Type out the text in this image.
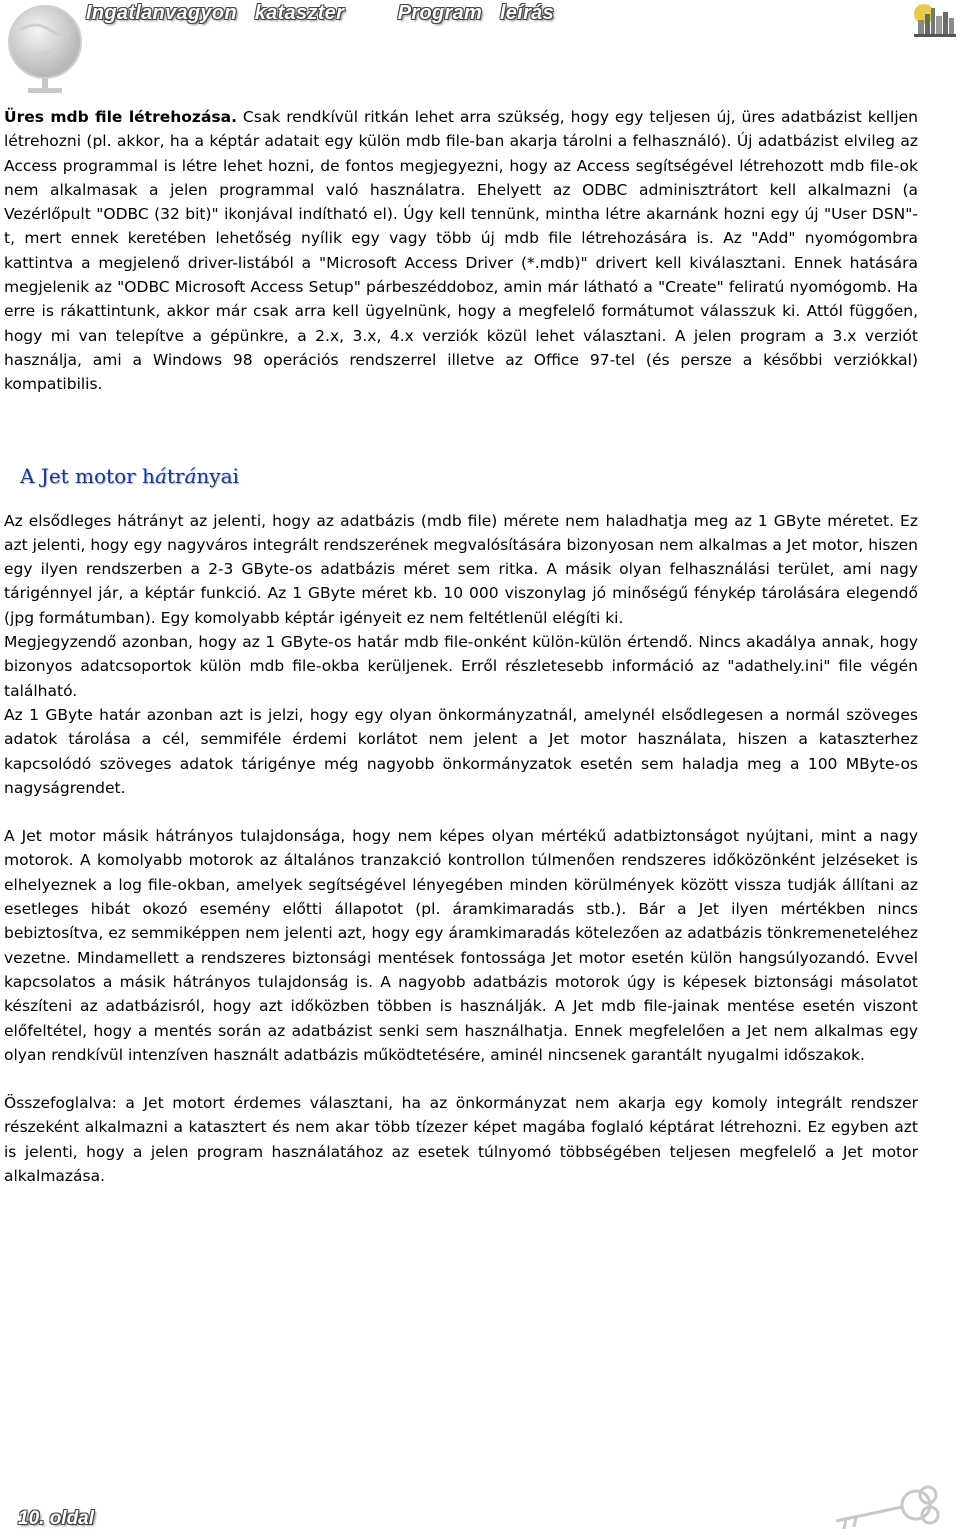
Ingatlanvagyon kataszter	Program leírás

Üres mdb file létrehozása. Csak rendkívül ritkán lehet arra szükség, hogy egy teljesen új, üres adatbázist kelljen létrehozni (pl. akkor, ha a képtár adatait egy külön mdb file-ban akarja tárolni a felhasználó). Új adatbázist elvileg az Access programmal is létre lehet hozni, de fontos megjegyezni, hogy az Access segítségével létrehozott mdb file-ok nem alkalmasak a jelen programmal való használatra. Ehelyett az ODBC adminisztrátort kell alkalmazni (a Vezérlőpult "ODBC (32 bit)" ikonjával indítható el). Úgy kell tennünk, mintha létre akarnánk hozni egy új "User DSN"-t, mert ennek keretében lehetőség nyílik egy vagy több új mdb file létrehozására is. Az "Add" nyomógombra kattintva a megjelenő driver-listából a "Microsoft Access Driver (*.mdb)" drivert kell kiválasztani. Ennek hatására megjelenik az "ODBC Microsoft Access Setup" párbeszéddoboz, amin már látható a "Create" feliratú nyomógomb. Ha erre is rákattintunk, akkor már csak arra kell ügyelnünk, hogy a megfelelő formátumot válasszuk ki. Attól függően, hogy mi van telepítve a gépünkre, a 2.x, 3.x, 4.x verziók közül lehet választani. A jelen program a 3.x verziót használja, ami a Windows 98 operációs rendszerrel illetve az Office 97-tel (és persze a későbbi verziókkal) kompatibilis.

A Jet motor hátrányai

Az elsődleges hátrányt az jelenti, hogy az adatbázis (mdb file) mérete nem haladhatja meg az 1 GByte méretet. Ez azt jelenti, hogy egy nagyváros integrált rendszerének megvalósítására bizonyosan nem alkalmas a Jet motor, hiszen egy ilyen rendszerben a 2-3 GByte-os adatbázis méret sem ritka. A másik olyan felhasználási terület, ami nagy tárigénnyel jár, a képtár funkció. Az 1 GByte méret kb. 10 000 viszonylag jó minőségű fénykép tárolására elegendő (jpg formátumban). Egy komolyabb képtár igényeit ez nem feltétlenül elégíti ki.

Megjegyzendő azonban, hogy az 1 GByte-os határ mdb file-onként külön-külön értendő. Nincs akadálya annak, hogy bizonyos adatcsoportok külön mdb file-okba kerüljenek. Erről részletesebb információ az "adathely.ini" file végén található.

Az 1 GByte határ azonban azt is jelzi, hogy egy olyan önkormányzatnál, amelynél elsődlegesen a normál szöveges adatok tárolása a cél, semmiféle érdemi korlátot nem jelent a Jet motor használata, hiszen a kataszterhez kapcsolódó szöveges adatok tárigénye még nagyobb önkormányzatok esetén sem haladja meg a 100 MByte-os nagyságrendet.

A Jet motor másik hátrányos tulajdonsága, hogy nem képes olyan mértékű adatbiztonságot nyújtani, mint a nagy motorok. A komolyabb motorok az általános tranzakció kontrollon túlmenően rendszeres időközönként jelzéseket is elhelyeznek a log file-okban, amelyek segítségével lényegében minden körülmények között vissza tudják állítani az esetleges hibát okozó esemény előtti állapotot (pl. áramkimaradás stb.). Bár a Jet ilyen mértékben nincs bebiztosítva, ez semmiképpen nem jelenti azt, hogy egy áramkimaradás kötelezően az adatbázis tönkremeneteléhez vezetne. Mindamellett a rendszeres biztonsági mentések fontossága Jet motor esetén külön hangsúlyozandó. Evvel kapcsolatos a másik hátrányos tulajdonság is. A nagyobb adatbázis motorok úgy is képesek biztonsági másolatot készíteni az adatbázisról, hogy azt időközben többen is használják. A Jet mdb file-jainak mentése esetén viszont előfeltétel, hogy a mentés során az adatbázist senki sem használhatja. Ennek megfelelően a Jet nem alkalmas egy olyan rendkívül intenzíven használt adatbázis működtetésére, aminél nincsenek garantált nyugalmi időszakok.

Összefoglalva: a Jet motort érdemes választani, ha az önkormányzat nem akarja egy komoly integrált rendszer részeként alkalmazni a katasztert és nem akar több tízezer képet magába foglaló képtárat létrehozni. Ez egyben azt is jelenti, hogy a jelen program használatához az esetek túlnyomó többségében teljesen megfelelő a Jet motor alkalmazása.

10. oldal
